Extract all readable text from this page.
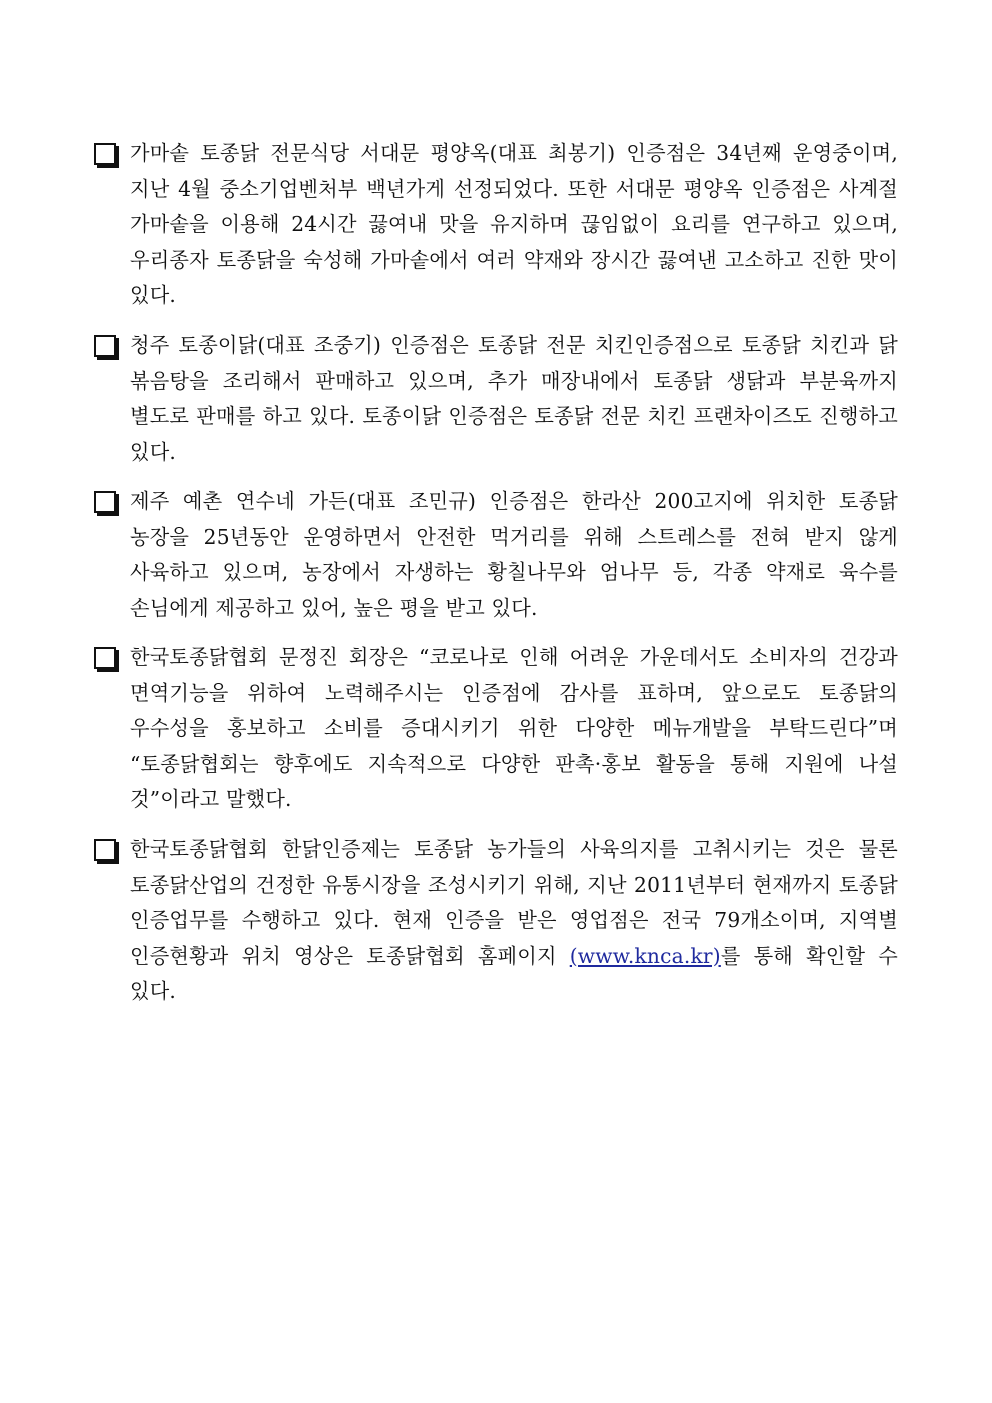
가마솥 토종닭 전문식당 서대문 평양옥(대표 최봉기) 인증점은 34년째 운영중이며, 지난 4월 중소기업벤처부 백년가게 선정되었다. 또한 서대문 평양옥 인증점은 사계절 가마솥을 이용해 24시간 끓여내 맛을 유지하며 끊임없이 요리를 연구하고 있으며, 우리종자 토종닭을 숙성해 가마솥에서 여러 약재와 장시간 끓여낸 고소하고 진한 맛이 있다.
청주 토종이닭(대표 조중기) 인증점은 토종닭 전문 치킨인증점으로 토종닭 치킨과 닭 볶음탕을 조리해서 판매하고 있으며, 추가 매장내에서 토종닭 생닭과 부분육까지 별도로 판매를 하고 있다. 토종이닭 인증점은 토종닭 전문 치킨 프랜차이즈도 진행하고 있다.
제주 예촌 연수네 가든(대표 조민규) 인증점은 한라산 200고지에 위치한 토종닭 농장을 25년동안 운영하면서 안전한 먹거리를 위해 스트레스를 전혀 받지 않게 사육하고 있으며, 농장에서 자생하는 황칠나무와 엄나무 등, 각종 약재로 육수를 손님에게 제공하고 있어, 높은 평을 받고 있다.
한국토종닭협회 문정진 회장은 “코로나로 인해 어려운 가운데서도 소비자의 건강과 면역기능을 위하여 노력해주시는 인증점에 감사를 표하며, 앞으로도 토종닭의 우수성을 홍보하고 소비를 증대시키기 위한 다양한 메뉴개발을 부탁드린다”며 “토종닭협회는 향후에도 지속적으로 다양한 판촉·홍보 활동을 통해 지원에 나설 것”이라고 말했다.
한국토종닭협회 한닭인증제는 토종닭 농가들의 사육의지를 고취시키는 것은 물론 토종닭산업의 건정한 유통시장을 조성시키기 위해, 지난 2011년부터 현재까지 토종닭 인증업무를 수행하고 있다. 현재 인증을 받은 영업점은 전국 79개소이며, 지역별 인증현황과 위치 영상은 토종닭협회 홈페이지 (www.knca.kr)를 통해 확인할 수 있다.
